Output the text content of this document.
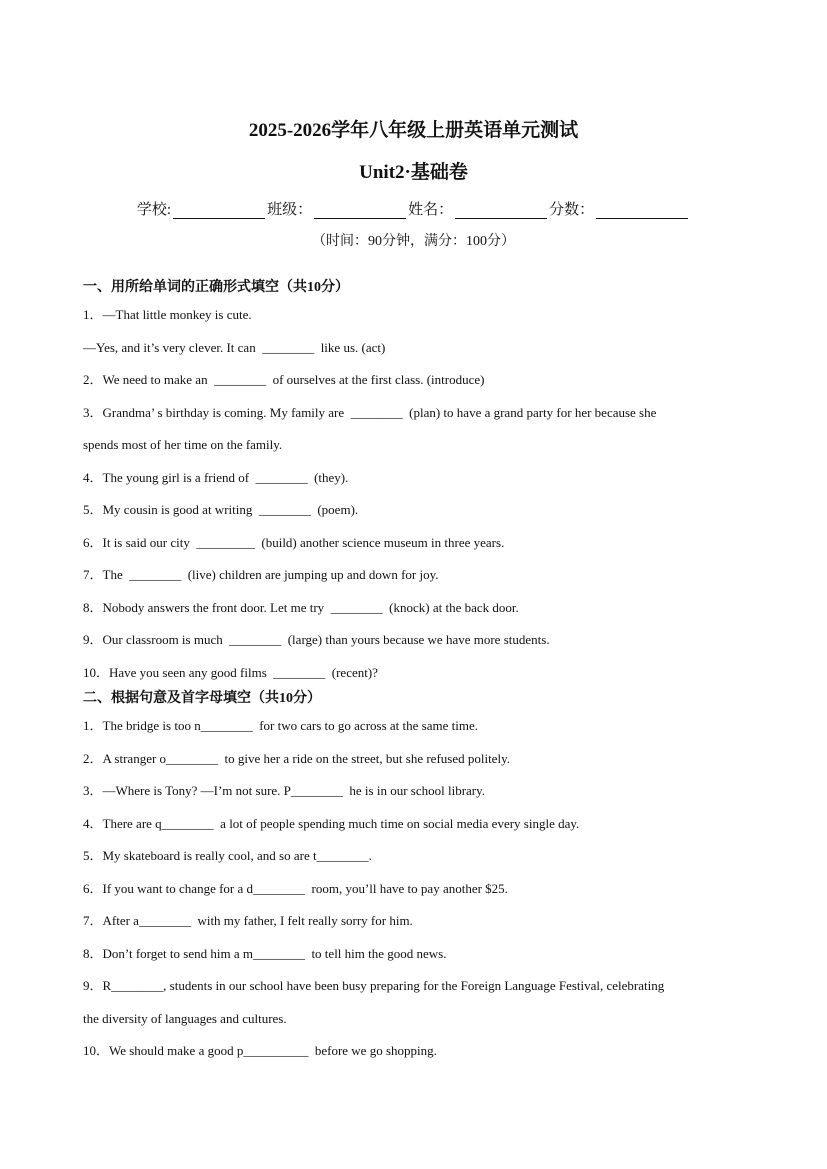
2025-2026学年八年级上册英语单元测试
Unit2·基础卷
学校:	班级：	姓名：	分数：
（时间：90分钟，满分：100分）
一、用所给单词的正确形式填空（共10分）
1．—That little monkey is cute.
—Yes, and it’s very clever. It can  ________  like us. (act)
2．We need to make an  ________  of ourselves at the first class. (introduce)
3．Grandma’ s birthday is coming. My family are  ________  (plan) to have a grand party for her because she
spends most of her time on the family.
4．The young girl is a friend of  ________  (they).
5．My cousin is good at writing  ________  (poem).
6．It is said our city  _________  (build) another science museum in three years.
7．The  ________  (live) children are jumping up and down for joy.
8．Nobody answers the front door. Let me try  ________  (knock) at the back door.
9．Our classroom is much  ________  (large) than yours because we have more students.
10．Have you seen any good films  ________  (recent)?
二、根据句意及首字母填空（共10分）
1．The bridge is too n________  for two cars to go across at the same time.
2．A stranger o________  to give her a ride on the street, but she refused politely.
3．—Where is Tony? —I’m not sure. P________  he is in our school library.
4．There are q________  a lot of people spending much time on social media every single day.
5．My skateboard is really cool, and so are t________.
6．If you want to change for a d________  room, you’ll have to pay another $25.
7．After a________  with my father, I felt really sorry for him.
8．Don’t forget to send him a m________  to tell him the good news.
9．R________, students in our school have been busy preparing for the Foreign Language Festival, celebrating
the diversity of languages and cultures.
10．We should make a good p__________  before we go shopping.
